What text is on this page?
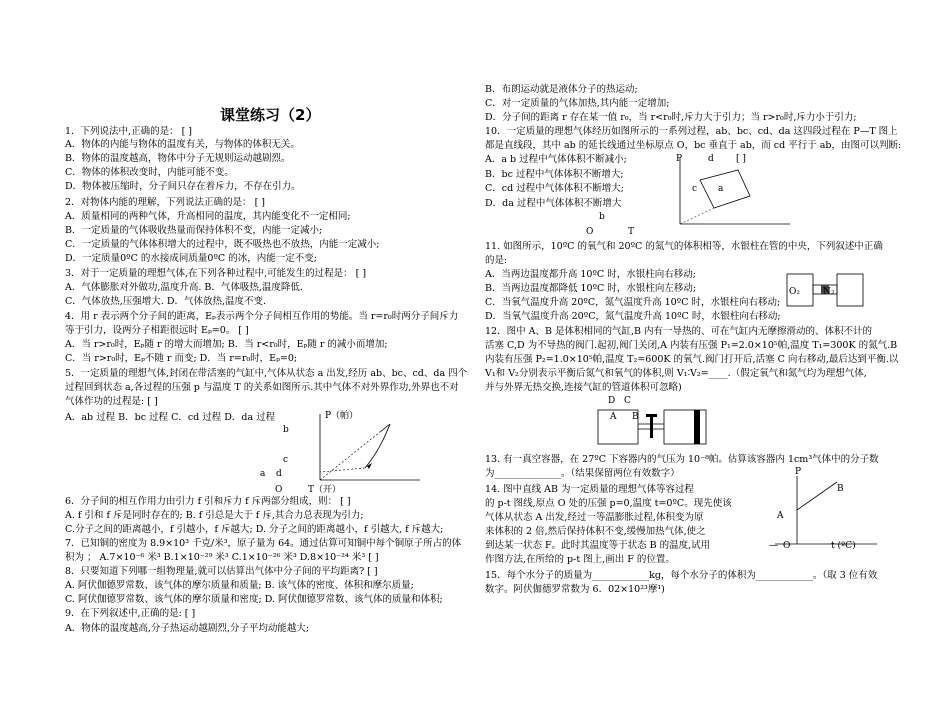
课堂练习（2）
1．下列说法中,正确的是： [ ]
A．物体的内能与物体的温度有关，与物体的体积无关。
B．物体的温度越高，物体中分子无规则运动越剧烈。
C．物体的体积改变时，内能可能不变。
D．物体被压缩时，分子间只存在着斥力，不存在引力。
2．对物体内能的理解，下列说法正确的是： [ ]
A．质量相同的两种气体，升高相同的温度，其内能变化不一定相同;
B．一定质量的气体吸收热量而保持体积不变，内能一定减小;
C．一定质量的气体体积增大的过程中，既不吸热也不放热，内能一定减小;
D．一定质量0ºC 的水接成同质量0ºC 的冰，内能一定不变;
3．对于一定质量的理想气体,在下列各种过程中,可能发生的过程是： [ ]
A．气体膨胀对外做功,温度升高. B．气体吸热,温度降低.
C．气体放热,压强增大. D．气体放热,温度不变.
4．用 r 表示两个分子间的距离，Eₚ表示两个分子间相互作用的势能。当 r=r₀时两分子间斥力
等于引力，设两分子相距很远时 Eₚ=0。 [ ]
A．当 r>r₀时，Eₚ随 r 的增大而增加; B．当 r<r₀时，Eₚ随 r 的减小而增加;
C．当 r>r₀时，Eₚ不随 r 而变; D．当 r=r₀时，Eₚ=0;
5．一定质量的理想气体,封闭在带活塞的气缸中,气体从状态 a 出发,经历 ab、bc、cd、da 四个
过程回到状态 a,各过程的压强 p 与温度 T 的关系如图所示.其中气体不对外界作功,外界也不对
气体作功的过程是: [ ]
A．ab 过程 B．bc 过程 C．cd 过程 D．da 过程
6．分子间的相互作用力由引力 f 引和斥力 f 斥两部分组成，则： [ ]
A. f 引和 f 斥是同时存在的; B. f 引总是大于 f 斥,其合力总表现为引力;
C.分子之间的距离越小，f 引越小，f 斥越大; D. 分子之间的距离越小，f 引越大, f 斥越大;
7．已知铜的密度为 8.9×10³ 千克/米³，原子量为 64。通过估算可知铜中每个铜原子所占的体
积为 ； A.7×10⁻⁶ 米³ B.1×10⁻²⁹ 米³ C.1×10⁻²⁶ 米³ D.8×10⁻²⁴ 米³ [ ]
8．只要知道下列哪一组物理量,就可以估算出气体中分子间的平均距离? [ ]
A. 阿伏伽德罗常数、该气体的摩尔质量和质量; B. 该气体的密度、体积和摩尔质量;
C. 阿伏伽德罗常数、该气体的摩尔质量和密度; D. 阿伏伽德罗常数、该气体的质量和体积;
9．在下列叙述中,正确的是: [ ]
A．物体的温度越高,分子热运动越剧烈,分子平均动能越大;
P（帕）
b
c
a d
O	T（开）
B．布朗运动就是液体分子的热运动;
C．对一定质量的气体加热,其内能一定增加;
D．分子间的距离 r 存在某一值 r₀，当 r<r₀时,斥力大于引力；当 r>r₀时,斥力小于引力;
10．一定质量的理想气体经历如图所示的一系列过程，ab、bc、cd、da 这四段过程在 P—T 图上
都是直线段，其中 ab 的延长线通过坐标原点 O，bc 垂直于 ab，而 cd 平行于 ab，由图可以判断:
A．a b 过程中气体体积不断减小;
B．bc 过程中气体体积不断增大;
C．cd 过程中气体体积不断增大;
D．da 过程中气体体积不断增大
11. 如图所示，10ºC 的氧气和 20ºC 的氮气的体积相等，水银柱在管的中央，下列叙述中正确
的是:
A．当两边温度都升高 10ºC 时，水银柱向右移动;
B．当两边温度都降低 10ºC 时，水银柱向左移动;
C．当氧气温度升高 20ºC，氮气温度升高 10ºC 时，水银柱向右移动;
D．当氧气温度升高 20ºC，氮气温度升高 10ºC 时，水银柱向右移动;
12．图中 A、B 是体积相同的气缸,B 内有一导热的、可在气缸内无摩擦滑动的、体积不计的
活塞 C,D 为不导热的阀门.起初,阀门关闭,A 内装有压强 P₁=2.0×10⁵帕,温度 T₁=300K 的氮气.B
内装有压强 P₂=1.0×10⁵帕,温度 T₂=600K 的氧气.阀门打开后,活塞 C 向右移动,最后达到平衡.以
V₁和 V₂分别表示平衡后氮气和氧气的体积,则 V₁∶V₂=____.（假定氧气和氮气均为理想气体,
并与外界无热交换,连接气缸的管道体积可忽略)
13. 有一真空容器，在 27ºC 下容器内的气压为 10⁻⁸帕。估算该容器内 1cm³气体中的分子数
为______________。（结果保留两位有效数字）
14. 图中直线 AB 为一定质量的理想气体等容过程
的 p-t 图线,原点 O 处的压强 p=0,温度 t=0ºC。现先使该
气体从状态 A 出发,经过一等温膨胀过程,体积变为原
来体积的 2 倍,然后保持体积不变,缓慢加热气体,使之
到达某一状态 F。此时其温度等于状态 B 的温度,试用
作图方法,在所给的 p-t 图上,画出 F 的位置。
15．每个水分子的质量为____________kg，每个水分子的体积为____________。（取 3 位有效
数字。阿伏伽德罗常数为 6．02×10²³摩¹)
P	d [ ]
c a
b
O	T
O₂	N₂
D C
A B
P
B
A
— O	t (ºC)
